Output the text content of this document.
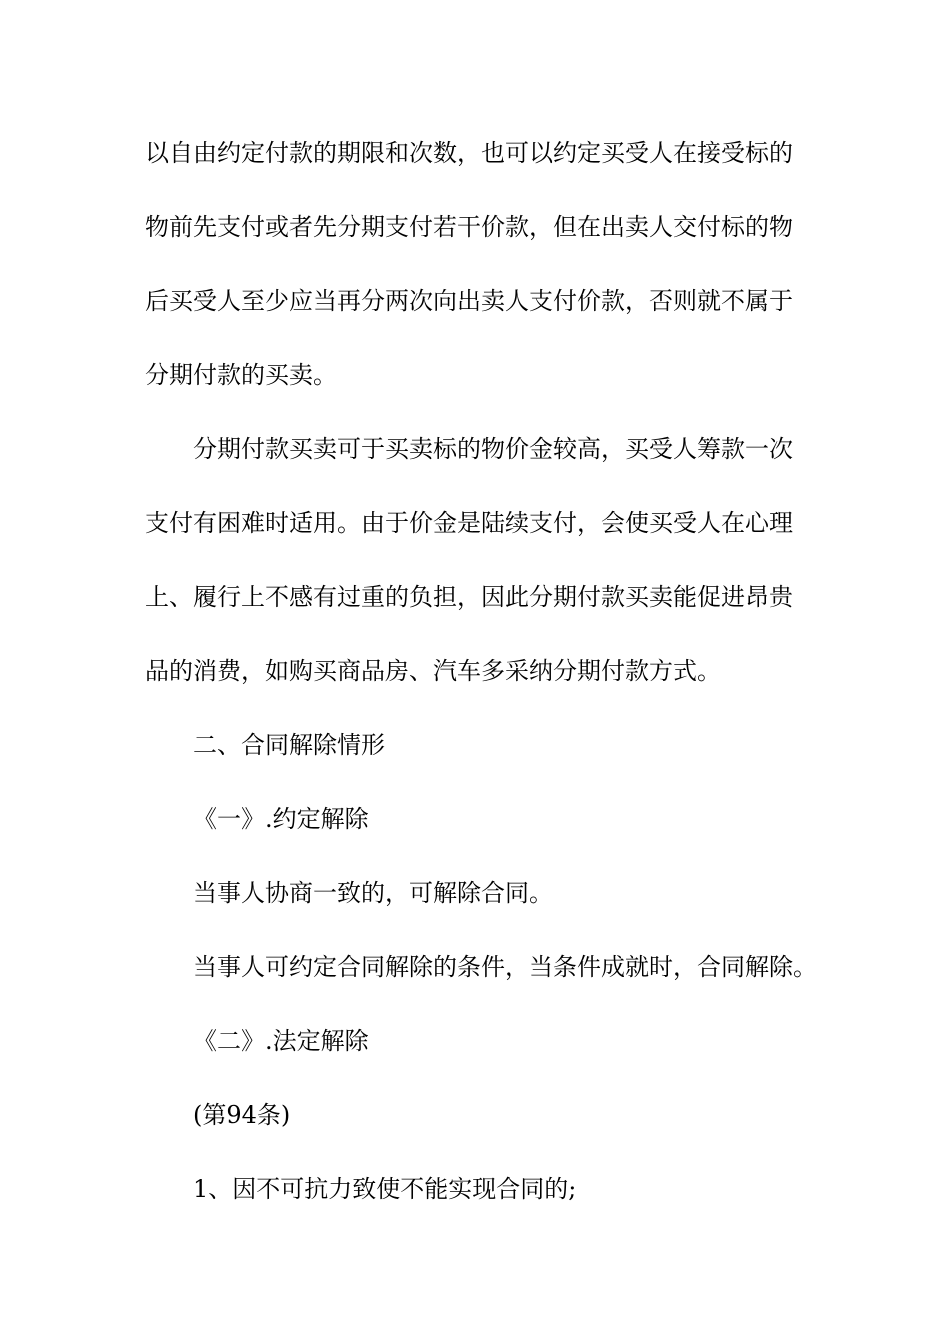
以自由约定付款的期限和次数，也可以约定买受人在接受标的
物前先支付或者先分期支付若干价款，但在出卖人交付标的物
后买受人至少应当再分两次向出卖人支付价款，否则就不属于
分期付款的买卖。
分期付款买卖可于买卖标的物价金较高，买受人筹款一次
支付有困难时适用。由于价金是陆续支付，会使买受人在心理
上、履行上不感有过重的负担，因此分期付款买卖能促进昂贵
品的消费，如购买商品房、汽车多采纳分期付款方式。
二、合同解除情形
《一》.约定解除
当事人协商一致的，可解除合同。
当事人可约定合同解除的条件，当条件成就时，合同解除。
《二》.法定解除
(第94条)
1、因不可抗力致使不能实现合同的;
